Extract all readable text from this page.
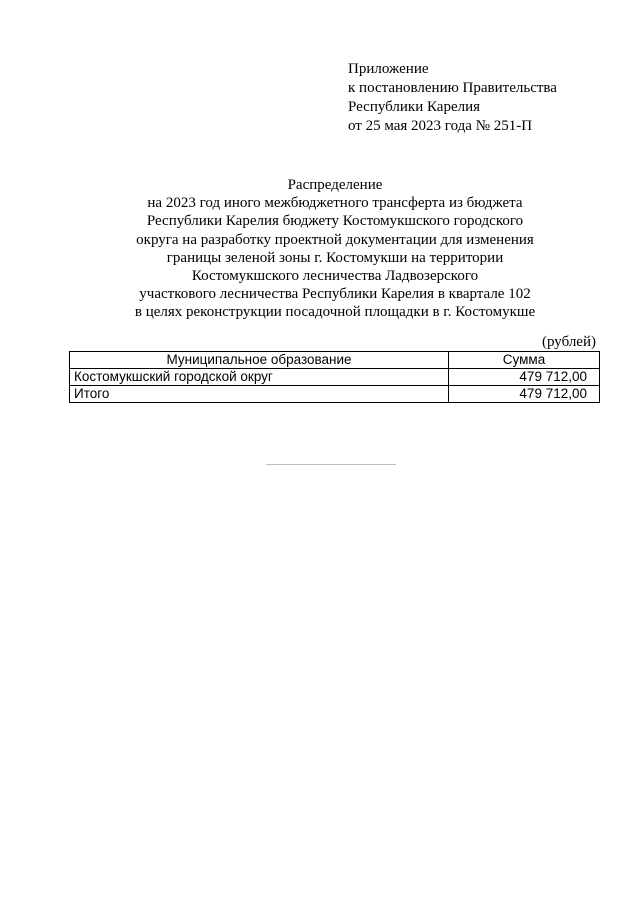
Приложение
к постановлению Правительства
Республики Карелия
от 25 мая 2023 года № 251-П
Распределение
на 2023 год иного межбюджетного трансферта из бюджета
Республики Карелия бюджету Костомукшского городского
округа на разработку проектной документации для изменения
границы зеленой зоны г. Костомукши на территории
Костомукшского лесничества Ладвозерского
участкового лесничества Республики Карелия в квартале 102
в целях реконструкции посадочной площадки в г. Костомукше
(рублей)
Муниципальное образование	Сумма
Костомукшский городской округ	479 712,00
Итого	479 712,00
